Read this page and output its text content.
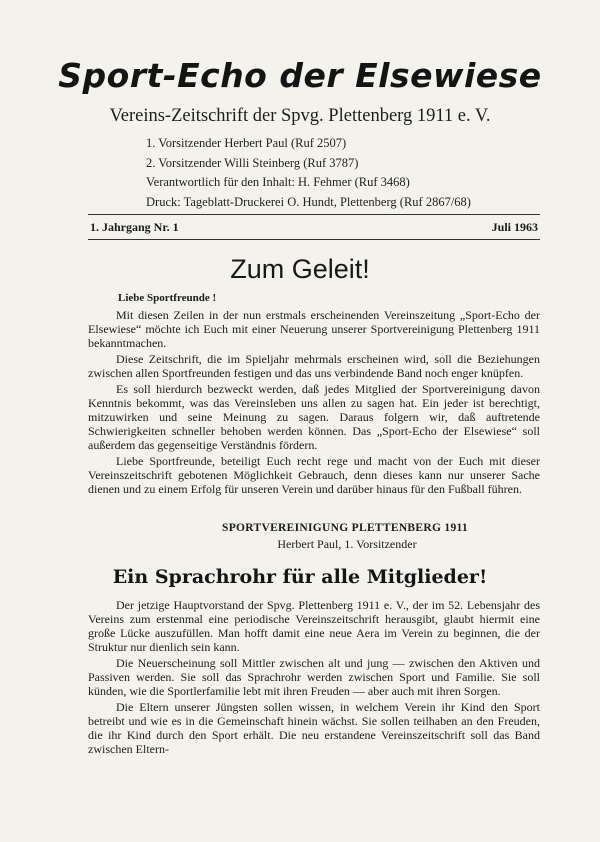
Sport-Echo der Elsewiese
Vereins-Zeitschrift der Spvg. Plettenberg 1911 e. V.
1. Vorsitzender Herbert Paul (Ruf 2507)
2. Vorsitzender Willi Steinberg (Ruf 3787)
Verantwortlich für den Inhalt: H. Fehmer (Ruf 3468)
Druck: Tageblatt-Druckerei O. Hundt, Plettenberg (Ruf 2867/68)
1. Jahrgang Nr. 1	Juli 1963
Zum Geleit!
Liebe Sportfreunde !

Mit diesen Zeilen in der nun erstmals erscheinenden Vereinszeitung „Sport-Echo der Elsewiese“ möchte ich Euch mit einer Neuerung unserer Sportvereinigung Plettenberg 1911 bekanntmachen.

Diese Zeitschrift, die im Spieljahr mehrmals erscheinen wird, soll die Beziehungen zwischen allen Sportfreunden festigen und das uns verbindende Band noch enger knüpfen.

Es soll hierdurch bezweckt werden, daß jedes Mitglied der Sportvereinigung davon Kenntnis bekommt, was das Vereinsleben uns allen zu sagen hat. Ein jeder ist berechtigt, mitzuwirken und seine Meinung zu sagen. Daraus folgern wir, daß auftretende Schwierigkeiten schneller behoben werden können. Das „Sport-Echo der Elsewiese“ soll außerdem das gegenseitige Verständnis fördern.

Liebe Sportfreunde, beteiligt Euch recht rege und macht von der Euch mit dieser Vereinszeitschrift gebotenen Möglichkeit Gebrauch, denn dieses kann nur unserer Sache dienen und zu einem Erfolg für unseren Verein und darüber hinaus für den Fußball führen.

SPORTVEREINIGUNG PLETTENBERG 1911
Herbert Paul, 1. Vorsitzender
Ein Sprachrohr für alle Mitglieder!

Der jetzige Hauptvorstand der Spvg. Plettenberg 1911 e. V., der im 52. Lebensjahr des Vereins zum erstenmal eine periodische Vereinszeitschrift herausgibt, glaubt hiermit eine große Lücke auszufüllen. Man hofft damit eine neue Aera im Verein zu beginnen, die der Struktur nur dienlich sein kann.

Die Neuerscheinung soll Mittler zwischen alt und jung — zwischen den Aktiven und Passiven werden. Sie soll das Sprachrohr werden zwischen Sport und Familie. Sie soll künden, wie die Sportlerfamilie lebt mit ihren Freuden — aber auch mit ihren Sorgen.

Die Eltern unserer Jüngsten sollen wissen, in welchem Verein ihr Kind den Sport betreibt und wie es in die Gemeinschaft hinein wächst. Sie sollen teilhaben an den Freuden, die ihr Kind durch den Sport erhält. Die neu erstandene Vereinszeitschrift soll das Band zwischen Eltern-
